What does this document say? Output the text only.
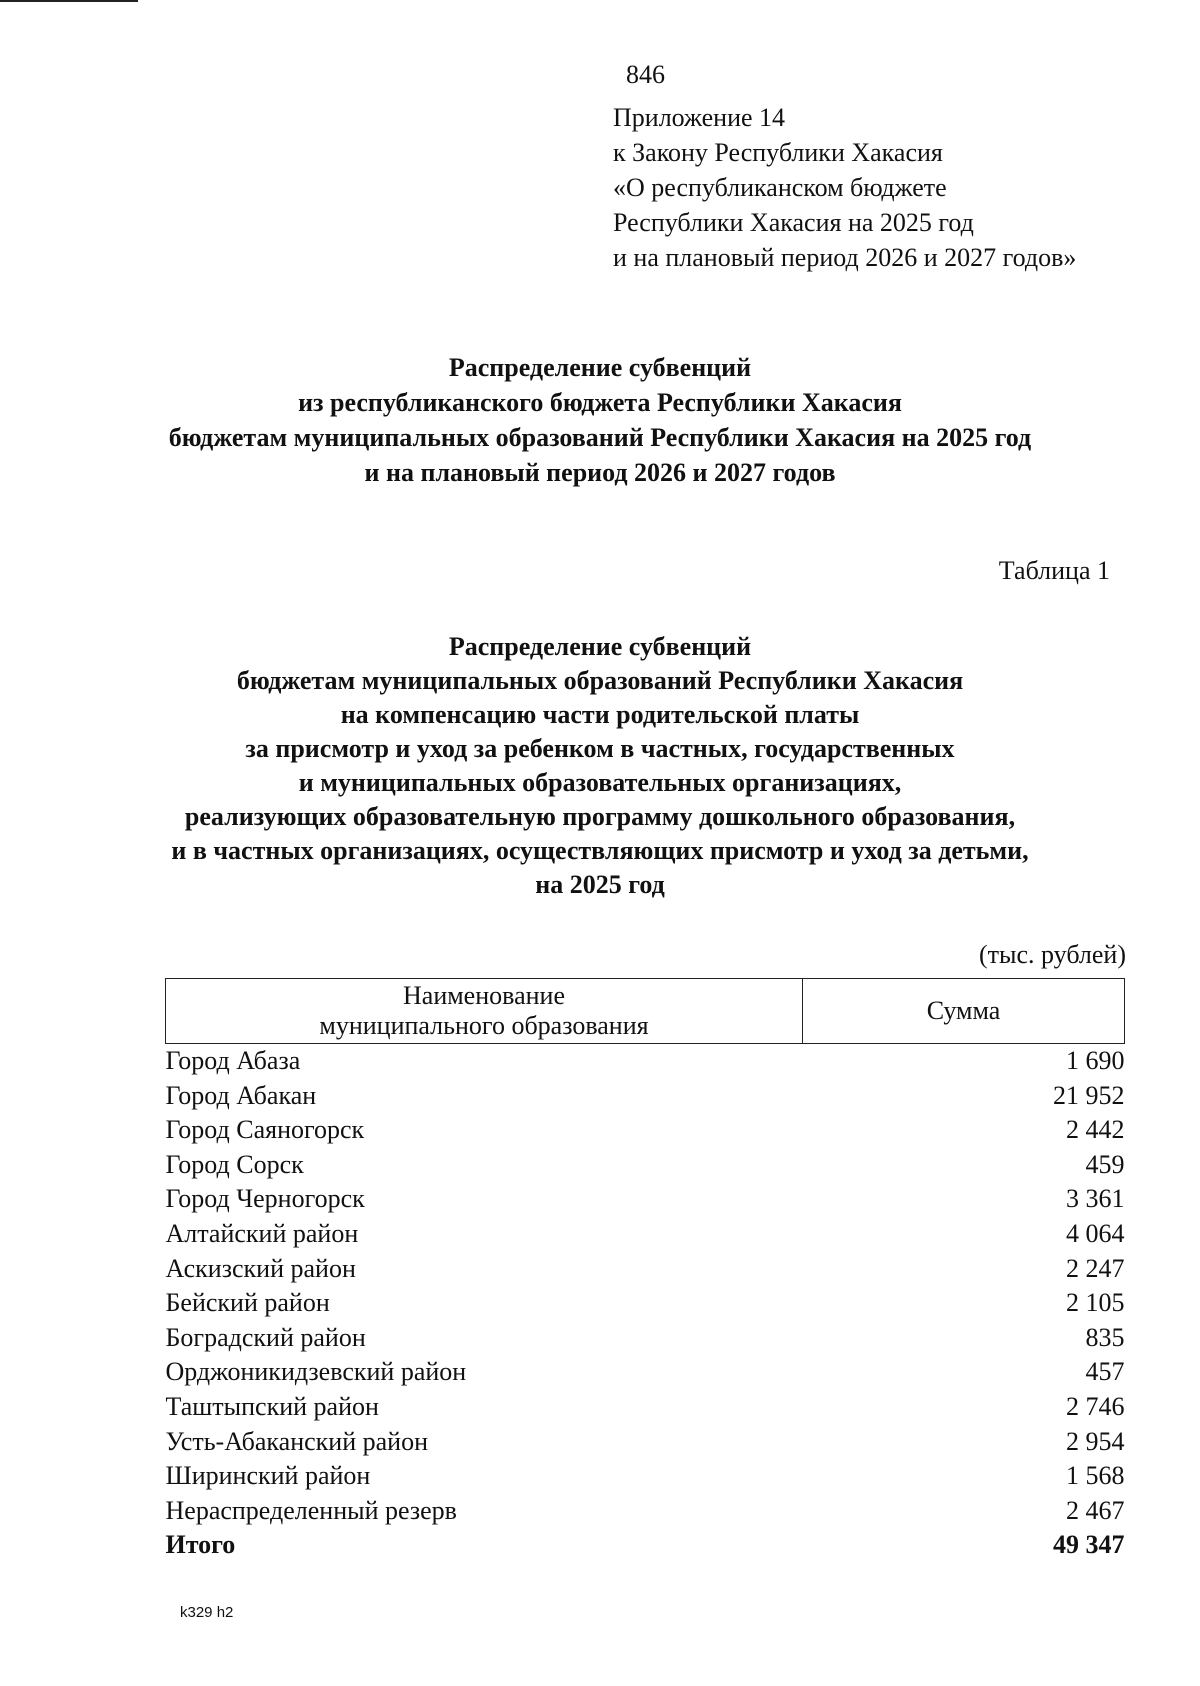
846
Приложение 14
к Закону Республики Хакасия
«О республиканском бюджете
Республики Хакасия на 2025 год
и на плановый период 2026 и 2027 годов»
Распределение субвенций
из республиканского бюджета Республики Хакасия
бюджетам муниципальных образований Республики Хакасия на 2025 год
и на плановый период 2026 и 2027 годов
Таблица 1
Распределение субвенций
бюджетам муниципальных образований Республики Хакасия
на компенсацию части родительской платы
за присмотр и уход за ребенком в частных, государственных
и муниципальных образовательных организациях,
реализующих образовательную программу дошкольного образования,
и в частных организациях, осуществляющих присмотр и уход за детьми,
на 2025 год
(тыс. рублей)
Наименование
муниципального образования	Сумма
Город Абаза	1 690
Город Абакан	21 952
Город Саяногорск	2 442
Город Сорск	459
Город Черногорск	3 361
Алтайский район	4 064
Аскизский район	2 247
Бейский район	2 105
Боградский район	835
Орджоникидзевский район	457
Таштыпский район	2 746
Усть-Абаканский район	2 954
Ширинский район	1 568
Нераспределенный резерв	2 467
Итого	49 347
k329 h2
